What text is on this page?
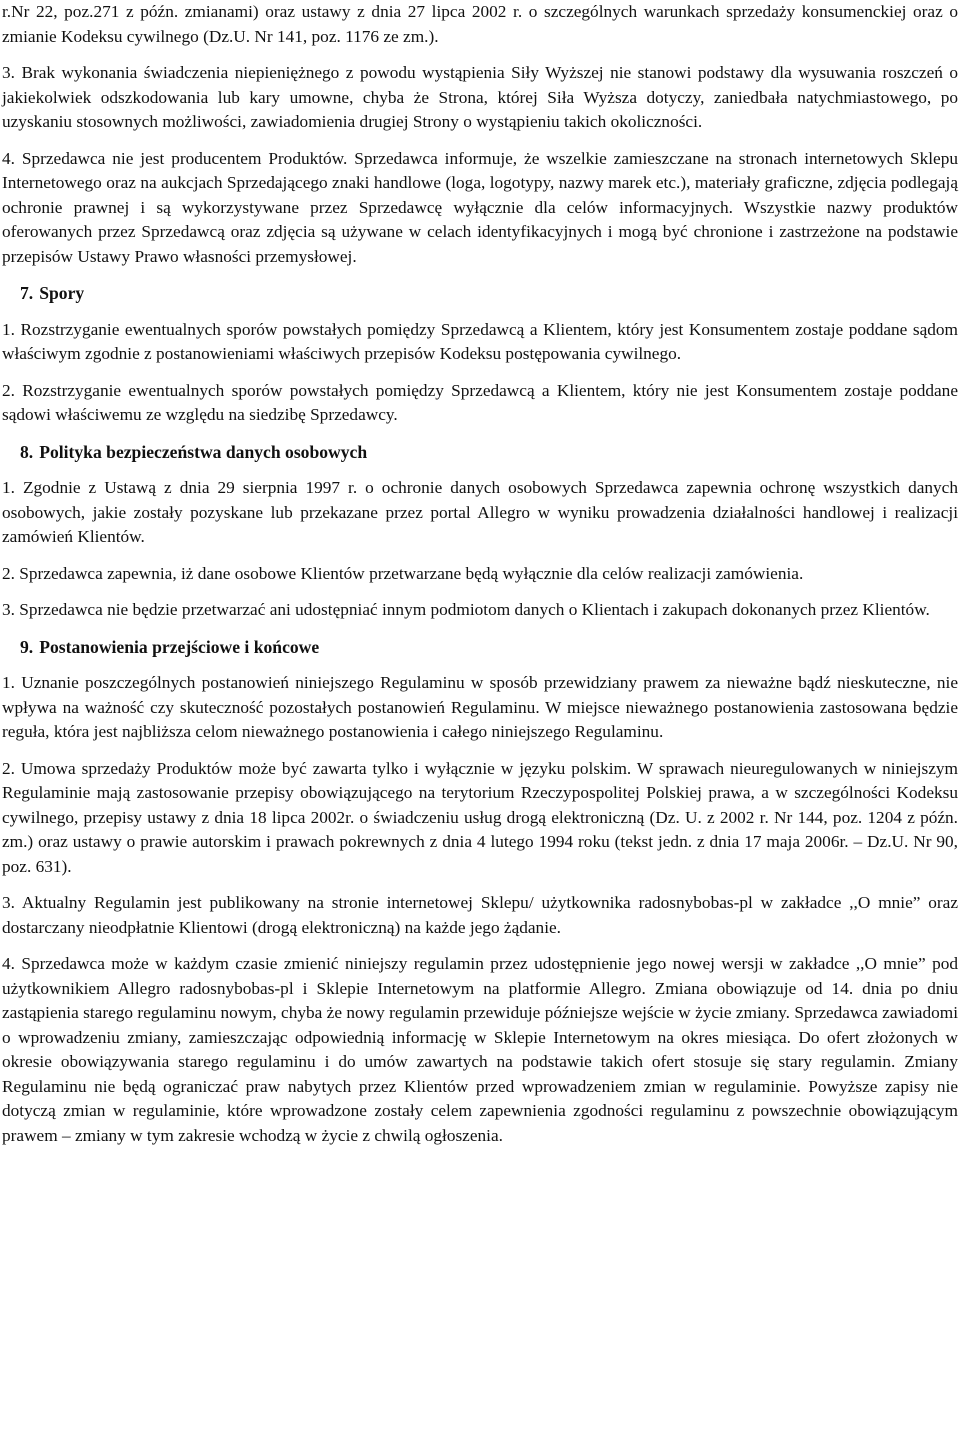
r.Nr 22, poz.271 z późn. zmianami) oraz ustawy z dnia 27 lipca 2002 r. o szczególnych warunkach sprzedaży konsumenckiej oraz o zmianie Kodeksu cywilnego (Dz.U. Nr 141, poz. 1176 ze zm.).

3. Brak wykonania świadczenia niepieniężnego z powodu wystąpienia Siły Wyższej nie stanowi podstawy dla wysuwania roszczeń o jakiekolwiek odszkodowania lub kary umowne, chyba że Strona, której Siła Wyższa dotyczy, zaniedbała natychmiastowego, po uzyskaniu stosownych możliwości, zawiadomienia drugiej Strony o wystąpieniu takich okoliczności.

4. Sprzedawca nie jest producentem Produktów. Sprzedawca informuje, że wszelkie zamieszczane na stronach internetowych Sklepu Internetowego oraz na aukcjach Sprzedającego znaki handlowe (loga, logotypy, nazwy marek etc.), materiały graficzne, zdjęcia podlegają ochronie prawnej i są wykorzystywane przez Sprzedawcę wyłącznie dla celów informacyjnych. Wszystkie nazwy produktów oferowanych przez Sprzedawcą oraz zdjęcia są używane w celach identyfikacyjnych i mogą być chronione i zastrzeżone na podstawie przepisów Ustawy Prawo własności przemysłowej.

7. Spory

1. Rozstrzyganie ewentualnych sporów powstałych pomiędzy Sprzedawcą a Klientem, który jest Konsumentem zostaje poddane sądom właściwym zgodnie z postanowieniami właściwych przepisów Kodeksu postępowania cywilnego.

2. Rozstrzyganie ewentualnych sporów powstałych pomiędzy Sprzedawcą a Klientem, który nie jest Konsumentem zostaje poddane sądowi właściwemu ze względu na siedzibę Sprzedawcy.

8. Polityka bezpieczeństwa danych osobowych

1. Zgodnie z Ustawą z dnia 29 sierpnia 1997 r. o ochronie danych osobowych Sprzedawca zapewnia ochronę wszystkich danych osobowych, jakie zostały pozyskane lub przekazane przez portal Allegro w wyniku prowadzenia działalności handlowej i realizacji zamówień Klientów.

2. Sprzedawca zapewnia, iż dane osobowe Klientów przetwarzane będą wyłącznie dla celów realizacji zamówienia.

3. Sprzedawca nie będzie przetwarzać ani udostępniać innym podmiotom danych o Klientach i zakupach dokonanych przez Klientów.

9. Postanowienia przejściowe i końcowe

1. Uznanie poszczególnych postanowień niniejszego Regulaminu w sposób przewidziany prawem za nieważne bądź nieskuteczne, nie wpływa na ważność czy skuteczność pozostałych postanowień Regulaminu. W miejsce nieważnego postanowienia zastosowana będzie reguła, która jest najbliższa celom nieważnego postanowienia i całego niniejszego Regulaminu.

2. Umowa sprzedaży Produktów może być zawarta tylko i wyłącznie w języku polskim. W sprawach nieuregulowanych w niniejszym Regulaminie mają zastosowanie przepisy obowiązującego na terytorium Rzeczypospolitej Polskiej prawa, a w szczególności Kodeksu cywilnego, przepisy ustawy z dnia 18 lipca 2002r. o świadczeniu usług drogą elektroniczną (Dz. U. z 2002 r. Nr 144, poz. 1204 z późn. zm.) oraz ustawy o prawie autorskim i prawach pokrewnych z dnia 4 lutego 1994 roku (tekst jedn. z dnia 17 maja 2006r. – Dz.U. Nr 90, poz. 631).

3. Aktualny Regulamin jest publikowany na stronie internetowej Sklepu/ użytkownika radosnybobas-pl w zakładce ,,O mnie” oraz dostarczany nieodpłatnie Klientowi (drogą elektroniczną) na każde jego żądanie.

4. Sprzedawca może w każdym czasie zmienić niniejszy regulamin przez udostępnienie jego nowej wersji w zakładce ,,O mnie” pod użytkownikiem Allegro radosnybobas-pl i Sklepie Internetowym na platformie Allegro. Zmiana obowiązuje od 14. dnia po dniu zastąpienia starego regulaminu nowym, chyba że nowy regulamin przewiduje późniejsze wejście w życie zmiany. Sprzedawca zawiadomi o wprowadzeniu zmiany, zamieszczając odpowiednią informację w Sklepie Internetowym na okres miesiąca. Do ofert złożonych w okresie obowiązywania starego regulaminu i do umów zawartych na podstawie takich ofert stosuje się stary regulamin. Zmiany Regulaminu nie będą ograniczać praw nabytych przez Klientów przed wprowadzeniem zmian w regulaminie. Powyższe zapisy nie dotyczą zmian w regulaminie, które wprowadzone zostały celem zapewnienia zgodności regulaminu z powszechnie obowiązującym prawem – zmiany w tym zakresie wchodzą w życie z chwilą ogłoszenia.
